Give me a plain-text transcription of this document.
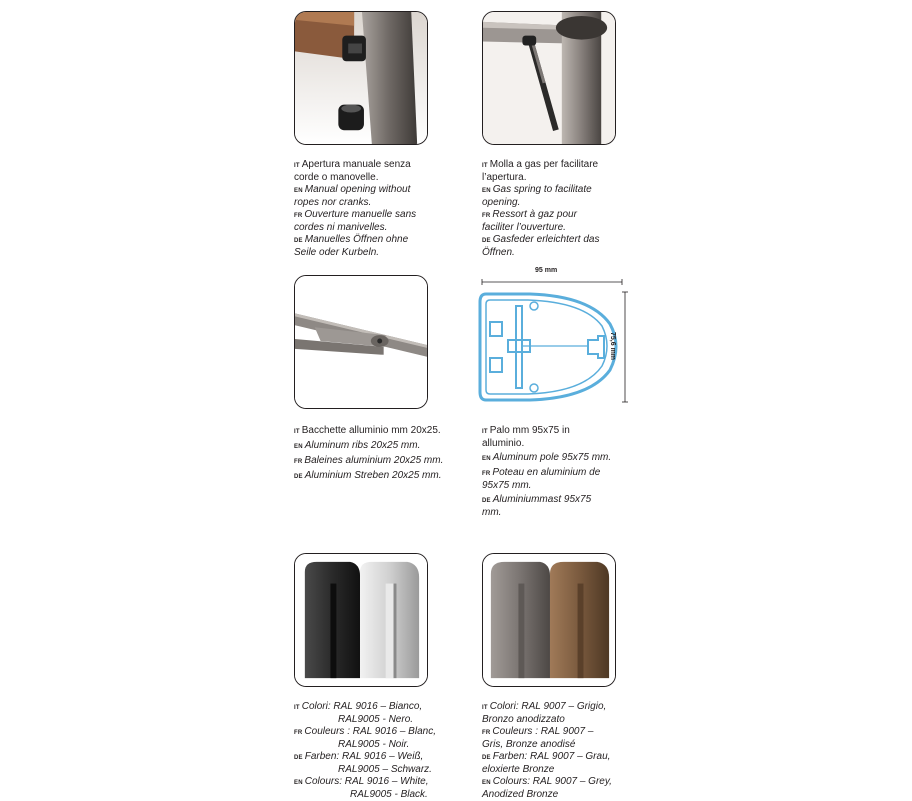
IT Apertura manuale senza
corde o manovelle.
EN Manual opening without
ropes nor cranks.
FR Ouverture manuelle sans
cordes ni manivelles.
DE Manuelles Öffnen ohne
Seile oder Kurbeln.
IT Molla a gas per facilitare
l’apertura.
EN Gas spring to facilitate
opening.
FR Ressort à gaz pour
faciliter l’ouverture.
DE Gasfeder erleichtert das
Öffnen.
95 mm
75,6 mm
IT Bacchette alluminio mm 20x25.
EN Aluminum ribs 20x25 mm.
FR Baleines aluminium 20x25 mm.
DE Aluminium Streben 20x25 mm.
IT Palo mm 95x75 in
alluminio.
EN Aluminum pole 95x75 mm.
FR Poteau en aluminium de
95x75 mm.
DE Aluminiummast 95x75
mm.
IT Colori: RAL 9016 – Bianco,
RAL9005 - Nero.
FR Couleurs : RAL 9016 – Blanc,
RAL9005 - Noir.
DE Farben: RAL 9016 – Weiß,
RAL9005 – Schwarz.
EN Colours: RAL 9016 – White,
RAL9005 - Black.
IT Colori: RAL 9007 – Grigio,
Bronzo anodizzato
FR Couleurs : RAL 9007 –
Gris, Bronze anodisé
DE Farben: RAL 9007 – Grau,
eloxierte Bronze
EN Colours: RAL 9007 – Grey,
Anodized Bronze
